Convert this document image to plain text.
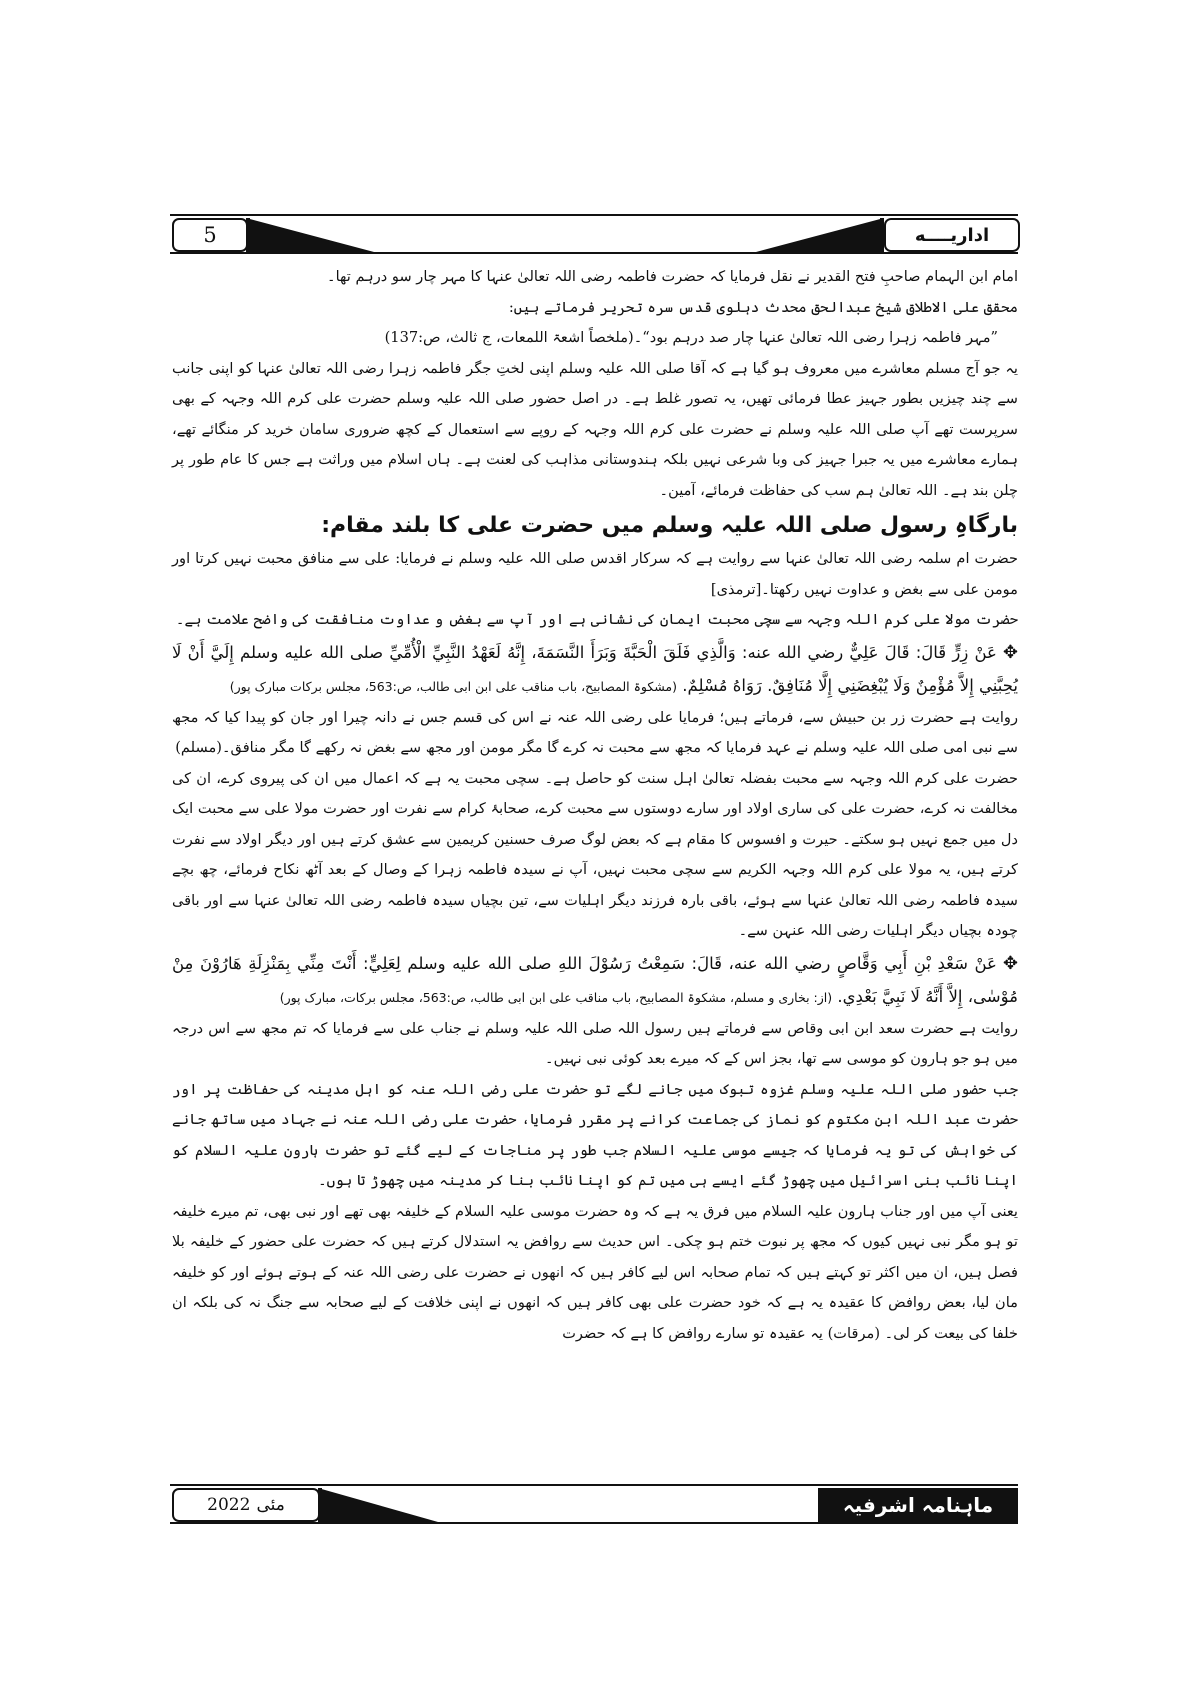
5	اداریــــه

امام ابن الہمام صاحبِ فتح القدیر نے نقل فرمایا کہ حضرت فاطمہ رضی اللہ تعالیٰ عنہا کا مہر چار سو درہم تھا۔

محقق علی الاطلاق شیخ عبدالحق محدث دہلوی قدس سرہ تحریر فرماتے ہیں:

”مہر فاطمہ زہرا رضی اللہ تعالیٰ عنہا چار صد درہم بود“۔(ملخصاً اشعۃ اللمعات، ج ثالث، ص:137)

یہ جو آج مسلم معاشرے میں معروف ہو گیا ہے کہ آقا صلی اللہ علیہ وسلم اپنی لختِ جگر فاطمہ زہرا رضی اللہ تعالیٰ عنہا کو اپنی جانب سے چند چیزیں بطور جہیز عطا فرمائی تھیں، یہ تصور غلط ہے۔ در اصل حضور صلی اللہ علیہ وسلم حضرت علی کرم اللہ وجہہ کے بھی سرپرست تھے آپ صلی اللہ علیہ وسلم نے حضرت علی کرم اللہ وجہہ کے روپے سے استعمال کے کچھ ضروری سامان خرید کر منگائے تھے، ہمارے معاشرے میں یہ جبرا جہیز کی وبا شرعی نہیں بلکہ ہندوستانی مذاہب کی لعنت ہے۔ ہاں اسلام میں وراثت ہے جس کا عام طور پر چلن بند ہے۔ اللہ تعالیٰ ہم سب کی حفاظت فرمائے، آمین۔

بارگاہِ رسول صلی اللہ علیہ وسلم میں حضرت علی کا بلند مقام:

حضرت ام سلمہ رضی اللہ تعالیٰ عنہا سے روایت ہے کہ سرکار اقدس صلی اللہ علیہ وسلم نے فرمایا: علی سے منافق محبت نہیں کرتا اور مومن علی سے بغض و عداوت نہیں رکھتا۔[ترمذی]

حضرت مولا علی کرم اللہ وجہہ سے سچی محبت ایمان کی نشانی ہے اور آپ سے بغض و عداوت منافقت کی واضح علامت ہے۔

✥عَنْ زِرٍّ قَالَ: قَالَ عَلِيٌّ رضي الله عنه: وَالَّذِي فَلَقَ الْحَبَّةَ وَبَرَأَ النَّسَمَةَ، إِنَّهُ لَعَهْدُ النَّبِيِّ الْأُمِّيِّ صلى الله عليه وسلم إِلَيَّ أَنْ لَا يُحِبَّنِي إِلاَّ مُؤْمِنٌ وَلَا يُبْغِضَنِي إِلَّا مُنَافِقٌ. رَوَاهُ مُسْلِمٌ. (مشکوۃ المصابیح، باب مناقب علی ابن ابی طالب، ص:563، مجلس برکات مبارک پور)

روایت ہے حضرت زر بن حبیش سے، فرماتے ہیں؛ فرمایا علی رضی اللہ عنہ نے اس کی قسم جس نے دانہ چیرا اور جان کو پیدا کیا کہ مجھ سے نبی امی صلی اللہ علیہ وسلم نے عہد فرمایا کہ مجھ سے محبت نہ کرے گا مگر مومن اور مجھ سے بغض نہ رکھے گا مگر منافق۔(مسلم)

حضرت علی کرم اللہ وجہہ سے محبت بفضلہ تعالیٰ اہل سنت کو حاصل ہے۔ سچی محبت یہ ہے کہ اعمال میں ان کی پیروی کرے، ان کی مخالفت نہ کرے، حضرت علی کی ساری اولاد اور سارے دوستوں سے محبت کرے، صحابۂ کرام سے نفرت اور حضرت مولا علی سے محبت ایک دل میں جمع نہیں ہو سکتے۔ حیرت و افسوس کا مقام ہے کہ بعض لوگ صرف حسنین کریمین سے عشق کرتے ہیں اور دیگر اولاد سے نفرت کرتے ہیں، یہ مولا علی کرم اللہ وجہہ الکریم سے سچی محبت نہیں، آپ نے سیدہ فاطمہ زہرا کے وصال کے بعد آٹھ نکاح فرمائے، چھ بچے سیدہ فاطمہ رضی اللہ تعالیٰ عنہا سے ہوئے، باقی بارہ فرزند دیگر اہلیات سے، تین بچیاں سیدہ فاطمہ رضی اللہ تعالیٰ عنہا سے اور باقی چودہ بچیاں دیگر اہلیات رضی اللہ عنہن سے۔

✥عَنْ سَعْدِ بْنِ أَبِي وَقَّاصٍ رضي الله عنه، قَالَ: سَمِعْتُ رَسُوْلَ اللهِ صلى الله عليه وسلم لِعَلِيٍّ: أَنْتَ مِنِّي بِمَنْزِلَةِ هَارُوْنَ مِنْ مُوْسٰى، إِلاَّ أَنَّهُ لَا نَبِيَّ بَعْدِي. (از: بخاری و مسلم، مشکوۃ المصابیح، باب مناقب علی ابن ابی طالب، ص:563، مجلس برکات، مبارک پور)

روایت ہے حضرت سعد ابن ابی وقاص سے فرماتے ہیں رسول اللہ صلی اللہ علیہ وسلم نے جناب علی سے فرمایا کہ تم مجھ سے اس درجہ میں ہو جو ہارون کو موسی سے تھا، بجز اس کے کہ میرے بعد کوئی نبی نہیں۔

جب حضور صلی اللہ علیہ وسلم غزوہ تبوک میں جانے لگے تو حضرت علی رضی اللہ عنہ کو اہل مدینہ کی حفاظت پر اور حضرت عبد اللہ ابن مکتوم کو نماز کی جماعت کرانے پر مقرر فرمایا، حضرت علی رضی اللہ عنہ نے جہاد میں ساتھ جانے کی خواہش کی تو یہ فرمایا کہ جیسے موسی علیہ السلام جب طور پر مناجات کے لیے گئے تو حضرت ہارون علیہ السلام کو اپنا نائب بنی اسرائیل میں چھوڑ گئے ایسے ہی میں تم کو اپنا نائب بنا کر مدینہ میں چھوڑ تا ہوں۔

یعنی آپ میں اور جناب ہارون علیہ السلام میں فرق یہ ہے کہ وہ حضرت موسی علیہ السلام کے خلیفہ بھی تھے اور نبی بھی، تم میرے خلیفہ تو ہو مگر نبی نہیں کیوں کہ مجھ پر نبوت ختم ہو چکی۔ اس حدیث سے روافض یہ استدلال کرتے ہیں کہ حضرت علی حضور کے خلیفہ بلا فصل ہیں، ان میں اکثر تو کہتے ہیں کہ تمام صحابہ اس لیے کافر ہیں کہ انھوں نے حضرت علی رضی اللہ عنہ کے ہوتے ہوئے اور کو خلیفہ مان لیا، بعض روافض کا عقیدہ یہ ہے کہ خود حضرت علی بھی کافر ہیں کہ انھوں نے اپنی خلافت کے لیے صحابہ سے جنگ نہ کی بلکہ ان خلفا کی بیعت کر لی۔ (مرقات) یہ عقیدہ تو سارے روافض کا ہے کہ حضرت

مئی
2022	ماہنامہ اشرفیہ
